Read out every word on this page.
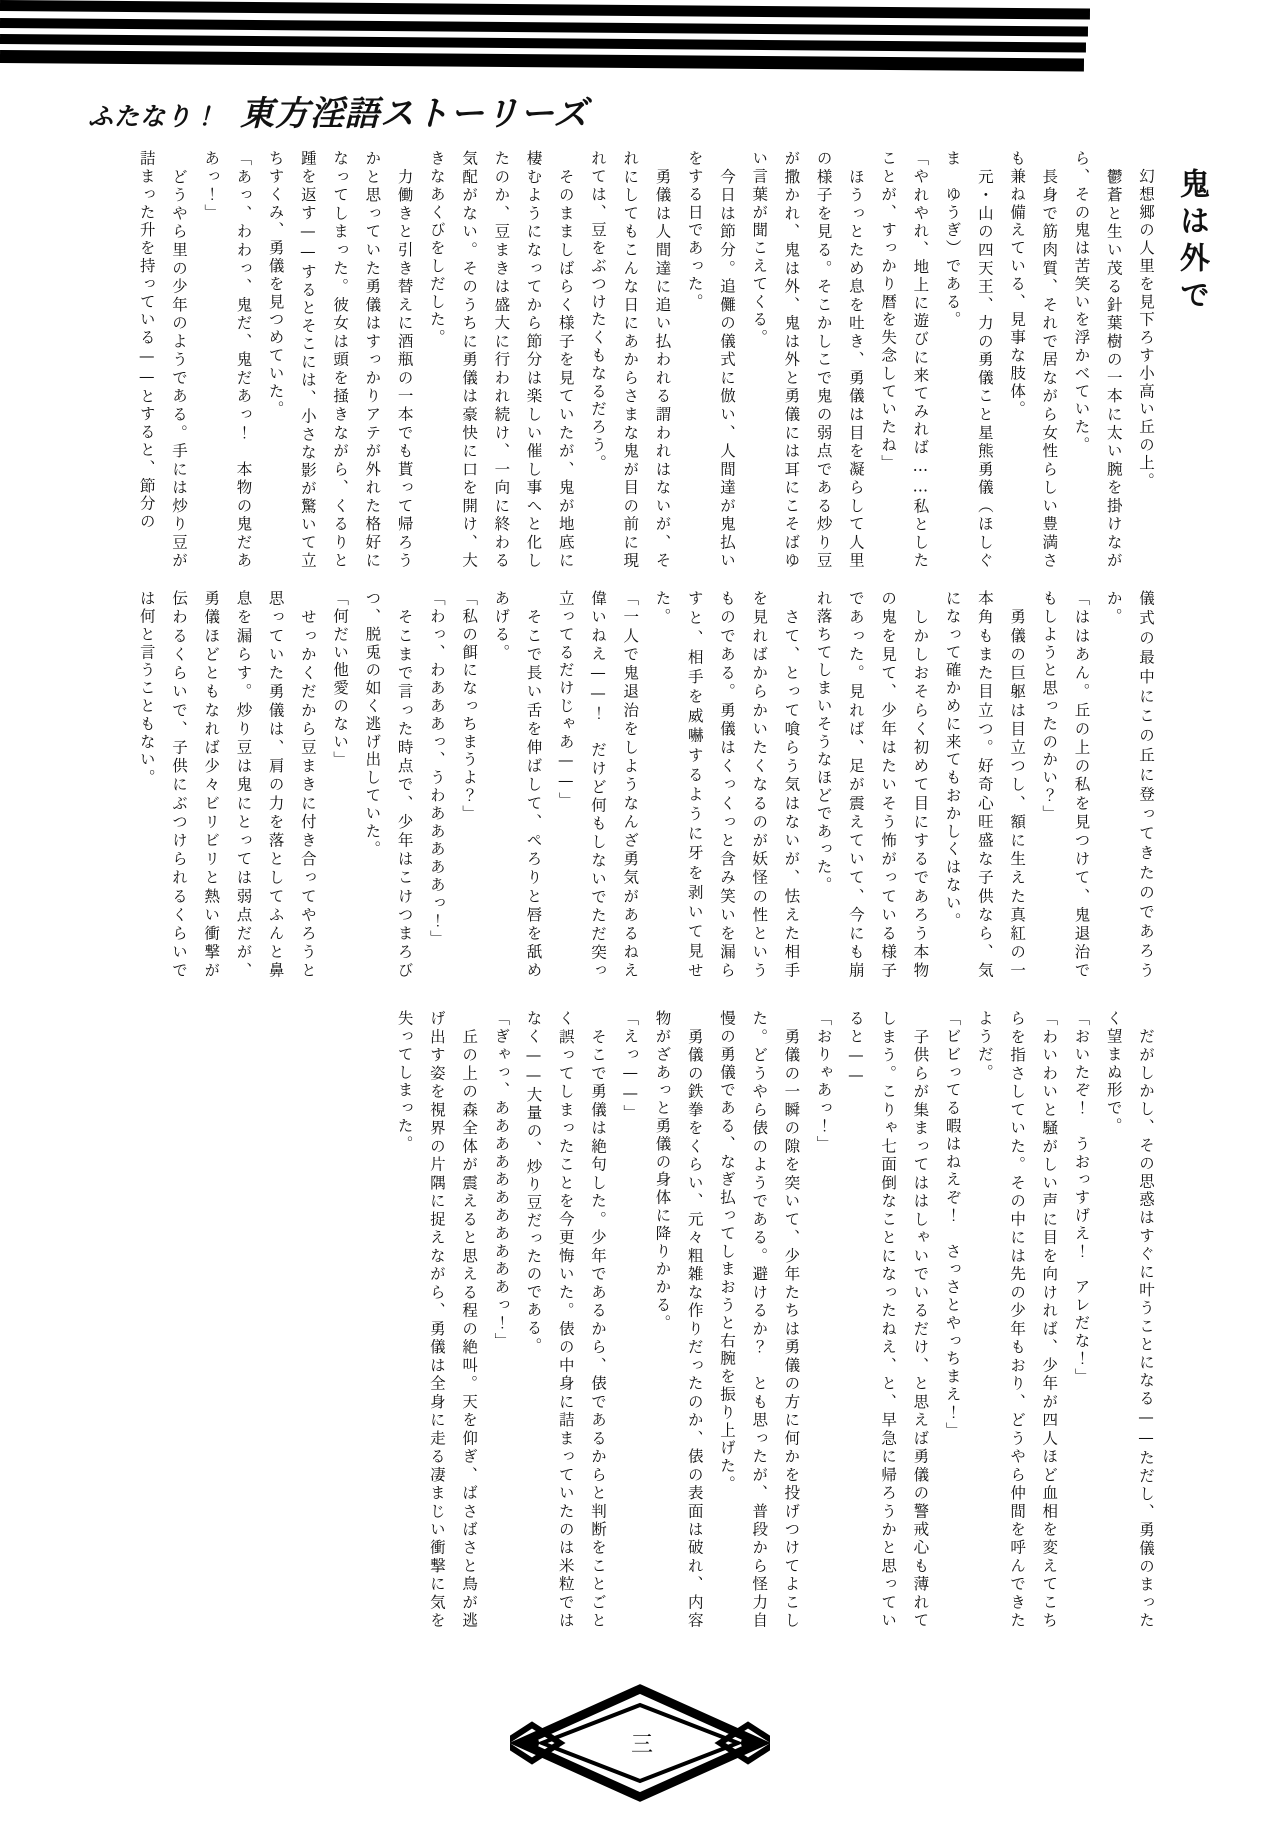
ふたなり！ 東方淫語ストーリーズ
鬼は外で

　幻想郷の人里を見下ろす小高い丘の上。

　鬱蒼と生い茂る針葉樹の一本に太い腕を掛けながら、その鬼は苦笑いを浮かべていた。

　長身で筋肉質、それで居ながら女性らしい豊満さも兼ね備えている、見事な肢体。

　元・山の四天王、力の勇儀こと星熊勇儀（ほしぐま　ゆうぎ）である。

「やれやれ、地上に遊びに来てみれば……私としたことが、すっかり暦を失念していたね」

　ほうっとため息を吐き、勇儀は目を凝らして人里の様子を見る。そこかしこで鬼の弱点である炒り豆が撒かれ、鬼は外、鬼は外と勇儀には耳にこそばゆい言葉が聞こえてくる。

　今日は節分。追儺の儀式に倣い、人間達が鬼払いをする日であった。

　勇儀は人間達に追い払われる謂われはないが、それにしてもこんな日にあからさまな鬼が目の前に現れては、豆をぶつけたくもなるだろう。

　そのまましばらく様子を見ていたが、鬼が地底に棲むようになってから節分は楽しい催し事へと化したのか、豆まきは盛大に行われ続け、一向に終わる気配がない。そのうちに勇儀は豪快に口を開け、大きなあくびをしだした。

　力働きと引き替えに酒瓶の一本でも貰って帰ろうかと思っていた勇儀はすっかりアテが外れた格好になってしまった。彼女は頭を掻きながら、くるりと踵を返す——するとそこには、小さな影が驚いて立ちすくみ、勇儀を見つめていた。

「あっ、わわっ、鬼だ、鬼だあっ！　本物の鬼だああっ！」

　どうやら里の少年のようである。手には炒り豆が詰まった升を持っている——とすると、節分の

儀式の最中にこの丘に登ってきたのであろうか。

「ははあん。丘の上の私を見つけて、鬼退治でもしようと思ったのかい？」

　勇儀の巨躯は目立つし、額に生えた真紅の一本角もまた目立つ。好奇心旺盛な子供なら、気になって確かめに来てもおかしくはない。

　しかしおそらく初めて目にするであろう本物の鬼を見て、少年はたいそう怖がっている様子であった。見れば、足が震えていて、今にも崩れ落ちてしまいそうなほどであった。

　さて、とって喰らう気はないが、怯えた相手を見ればからかいたくなるのが妖怪の性というものである。勇儀はくっくっと含み笑いを漏らすと、相手を威嚇するように牙を剥いて見せた。

「一人で鬼退治をしようなんざ勇気があるねえ偉いねえ——！　だけど何もしないでただ突っ立ってるだけじゃあ——」

　そこで長い舌を伸ばして、ぺろりと唇を舐めあげる。

「私の餌になっちまうよ？」

「わっ、わあああっ、うわあああああっ！」

　そこまで言った時点で、少年はこけつまろびつ、脱兎の如く逃げ出していた。

「何だい他愛のない」

　せっかくだから豆まきに付き合ってやろうと思っていた勇儀は、肩の力を落としてふんと鼻息を漏らす。炒り豆は鬼にとっては弱点だが、勇儀ほどともなれば少々ビリビリと熱い衝撃が伝わるくらいで、子供にぶつけられるくらいでは何と言うこともない。

　だがしかし、その思惑はすぐに叶うことになる——ただし、勇儀のまったく望まぬ形で。

「おいたぞ！　うおっすげえ！　アレだな！」

「わいわいと騒がしい声に目を向ければ、少年が四人ほど血相を変えてこちらを指さしていた。その中には先の少年もおり、どうやら仲間を呼んできたようだ。

「ビビってる暇はねえぞ！　さっさとやっちまえ！」

　子供らが集まってははしゃいでいるだけ、と思えば勇儀の警戒心も薄れてしまう。こりゃ七面倒なことになったねえ、と、早急に帰ろうかと思っていると——

「おりゃあっ！」

　勇儀の一瞬の隙を突いて、少年たちは勇儀の方に何かを投げつけてよこした。どうやら俵のようである。避けるか？　とも思ったが、普段から怪力自慢の勇儀である、なぎ払ってしまおうと右腕を振り上げた。

　勇儀の鉄拳をくらい、元々粗雑な作りだったのか、俵の表面は破れ、内容物がざあっと勇儀の身体に降りかかる。

「えっ——」

　そこで勇儀は絶句した。少年であるから、俵であるからと判断をことごとく誤ってしまったことを今更悔いた。俵の中身に詰まっていたのは米粒ではなく——大量の、炒り豆だったのである。

「ぎゃっ、あああああああああああっ！」

　丘の上の森全体が震えると思える程の絶叫。天を仰ぎ、ばさばさと鳥が逃げ出す姿を視界の片隅に捉えながら、勇儀は全身に走る凄まじい衝撃に気を失ってしまった。

三
